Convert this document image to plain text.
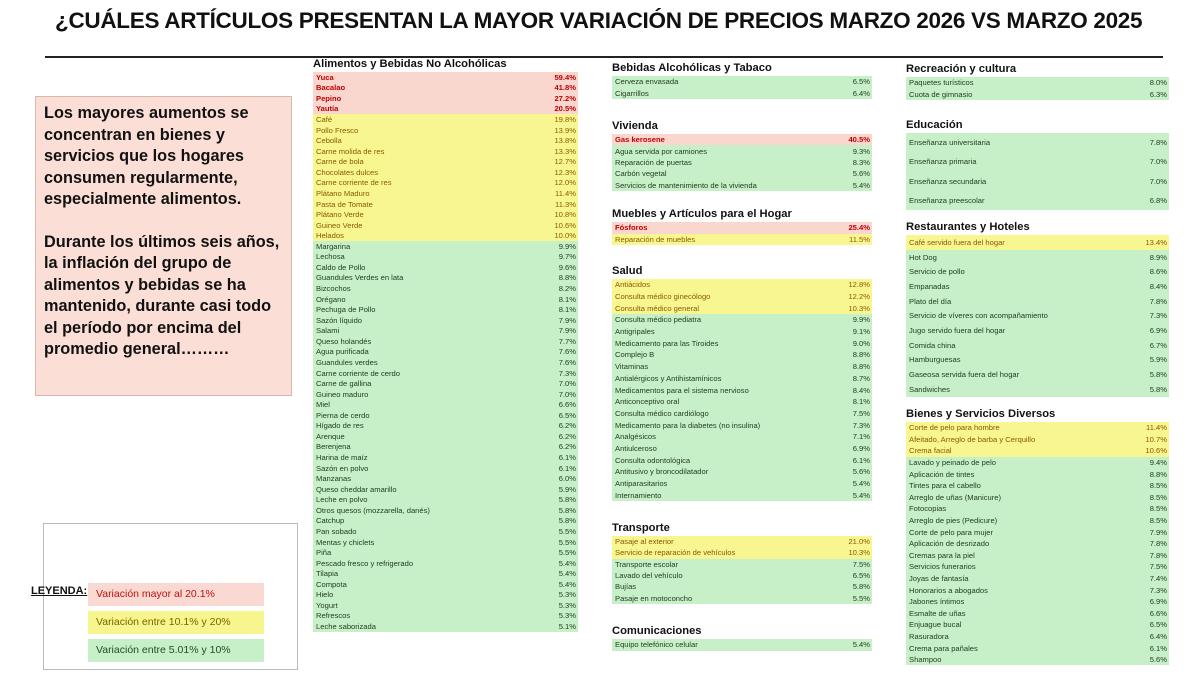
¿CUÁLES ARTÍCULOS PRESENTAN LA MAYOR VARIACIÓN DE PRECIOS MARZO 2026 VS MARZO 2025

Los mayores aumentos se concentran en bienes y servicios que los hogares consumen regularmente, especialmente alimentos.

Durante los últimos seis años, la inflación del grupo de alimentos y bebidas se ha mantenido, durante casi todo el período por encima del promedio general………

LEYENDA: Variación mayor al 20.1%
Variación entre 10.1% y 20%
Variación entre 5.01% y 10%
Alimentos y Bebidas No Alcohólicas
Yuca	59.4%
Bacalao	41.8%
Pepino	27.2%
Yautía	20.5%
Café	19.8%
Pollo Fresco	13.9%
Cebolla	13.8%
Carne molida de res	13.3%
Carne de bola	12.7%
Chocolates dulces	12.3%
Carne corriente de res	12.0%
Plátano Maduro	11.4%
Pasta de Tomate	11.3%
Plátano Verde	10.8%
Guineo Verde	10.6%
Helados	10.0%
Margarina	9.9%
Lechosa	9.7%
Caldo de Pollo	9.6%
Guandules Verdes en lata	8.8%
Bizcochos	8.2%
Orégano	8.1%
Pechuga de Pollo	8.1%
Sazón líquido	7.9%
Salami	7.9%
Queso holandés	7.7%
Agua purificada	7.6%
Guandules verdes	7.6%
Carne corriente de cerdo	7.3%
Carne de gallina	7.0%
Guineo maduro	7.0%
Miel	6.6%
Pierna de cerdo	6.5%
Hígado de res	6.2%
Arenque	6.2%
Berenjena	6.2%
Harina de maíz	6.1%
Sazón en polvo	6.1%
Manzanas	6.0%
Queso cheddar amarillo	5.9%
Leche en polvo	5.8%
Otros quesos (mozzarella, danés)	5.8%
Catchup	5.8%
Pan sobado	5.5%
Mentas y chiclets	5.5%
Piña	5.5%
Pescado fresco y refrigerado	5.4%
Tilapia	5.4%
Compota	5.4%
Hielo	5.3%
Yogurt	5.3%
Refrescos	5.3%
Leche saborizada	5.1%
Bebidas Alcohólicas y Tabaco
Cerveza envasada	6.5%
Cigarrillos	6.4%
Vivienda
Gas kerosene	40.5%
Agua servida por camiones	9.3%
Reparación de puertas	8.3%
Carbón vegetal	5.6%
Servicios de mantenimiento de la vivienda	5.4%
Muebles y Artículos para el Hogar
Fósforos	25.4%
Reparación de muebles	11.5%
Salud
Antiácidos	12.8%
Consulta médico ginecólogo	12.2%
Consulta médico general	10.3%
Consulta médico pediatra	9.9%
Antigripales	9.1%
Medicamento para las Tiroides	9.0%
Complejo B	8.8%
Vitaminas	8.8%
Antialérgicos y Antihistamínicos	8.7%
Medicamentos para el sistema nervioso	8.4%
Anticonceptivo oral	8.1%
Consulta médico cardiólogo	7.5%
Medicamento para la diabetes (no insulina)	7.3%
Analgésicos	7.1%
Antiulceroso	6.9%
Consulta odontológica	6.1%
Antitusivo y broncodilatador	5.6%
Antiparasitarios	5.4%
Internamiento	5.4%
Transporte
Pasaje al exterior	21.0%
Servicio de reparación de vehículos	10.3%
Transporte escolar	7.5%
Lavado del vehículo	6.5%
Bujías	5.8%
Pasaje en motoconcho	5.5%
Comunicaciones
Equipo telefónico celular	5.4%
Recreación y cultura
Paquetes turísticos	8.0%
Cuota de gimnasio	6.3%
Educación
Enseñanza universitaria	7.8%
Enseñanza primaria	7.0%
Enseñanza secundaria	7.0%
Enseñanza preescolar	6.8%
Restaurantes y Hoteles
Café servido fuera del hogar	13.4%
Hot Dog	8.9%
Servicio de pollo	8.6%
Empanadas	8.4%
Plato del día	7.8%
Servicio de víveres con acompañamiento	7.3%
Jugo servido fuera del hogar	6.9%
Comida china	6.7%
Hamburguesas	5.9%
Gaseosa servida fuera del hogar	5.8%
Sandwiches	5.8%
Bienes y Servicios Diversos
Corte de pelo para hombre	11.4%
Afeitado, Arreglo de barba y Cerquillo	10.7%
Crema facial	10.6%
Lavado y peinado de pelo	9.4%
Aplicación de tintes	8.8%
Tintes para el cabello	8.5%
Arreglo de uñas (Manicure)	8.5%
Fotocopias	8.5%
Arreglo de pies (Pedicure)	8.5%
Corte de pelo para mujer	7.9%
Aplicación de desrizado	7.8%
Cremas para la piel	7.8%
Servicios funerarios	7.5%
Joyas de fantasía	7.4%
Honorarios a abogados	7.3%
Jabones íntimos	6.9%
Esmalte de uñas	6.6%
Enjuague bucal	6.5%
Rasuradora	6.4%
Crema para pañales	6.1%
Shampoo	5.6%
